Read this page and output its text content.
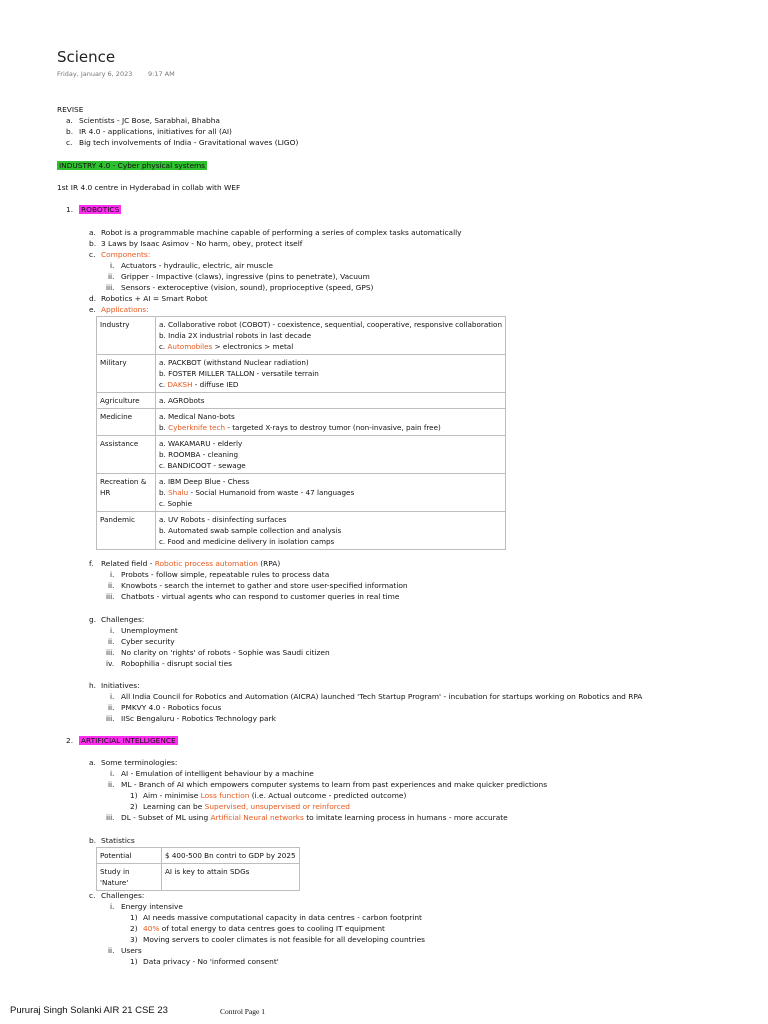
Science
Friday, January 6, 2023 9:17 AM
REVISE
a. Scientists - JC Bose, Sarabhai, Bhabha
b. IR 4.0 - applications, initiatives for all (AI)
c. Big tech involvements of India - Gravitational waves (LIGO)
INDUSTRY 4.0 - Cyber physical systems
1st IR 4.0 centre in Hyderabad in collab with WEF
1. ROBOTICS
a. Robot is a programmable machine capable of performing a series of complex tasks automatically
b. 3 Laws by Isaac Asimov - No harm, obey, protect itself
c. Components:
i. Actuators - hydraulic, electric, air muscle
ii. Gripper - Impactive (claws), ingressive (pins to penetrate), Vacuum
iii. Sensors - exteroceptive (vision, sound), proprioceptive (speed, GPS)
d. Robotics + AI = Smart Robot
e. Applications:
Industry	a. Collaborative robot (COBOT) - coexistence, sequential, cooperative, responsive collaboration
b. India 2X industrial robots in last decade
c. Automobiles > electronics > metal

Military	a. PACKBOT (withstand Nuclear radiation)
b. FOSTER MILLER TALLON - versatile terrain
c. DAKSH - diffuse IED

Agriculture	a. AGRObots

Medicine	a. Medical Nano-bots
b. Cyberknife tech - targeted X-rays to destroy tumor (non-invasive, pain free)

Assistance	a. WAKAMARU - elderly
b. ROOMBA - cleaning
c. BANDICOOT - sewage

Recreation & HR	a. IBM Deep Blue - Chess
b. Shalu - Social Humanoid from waste - 47 languages
c. Sophie

Pandemic	a. UV Robots - disinfecting surfaces
b. Automated swab sample collection and analysis
c. Food and medicine delivery in isolation camps
f. Related field - Robotic process automation (RPA)
i. Probots - follow simple, repeatable rules to process data
ii. Knowbots - search the internet to gather and store user-specified information
iii. Chatbots - virtual agents who can respond to customer queries in real time
g. Challenges:
i. Unemployment
ii. Cyber security
iii. No clarity on 'rights' of robots - Sophie was Saudi citizen
iv. Robophilia - disrupt social ties
h. Initiatives:
i. All India Council for Robotics and Automation (AICRA) launched 'Tech Startup Program' - incubation for startups working on Robotics and RPA
ii. PMKVY 4.0 - Robotics focus
iii. IISc Bengaluru - Robotics Technology park
2. ARTIFICIAL INTELLIGENCE
a. Some terminologies:
i. AI - Emulation of intelligent behaviour by a machine
ii. ML - Branch of AI which empowers computer systems to learn from past experiences and make quicker predictions
1) Aim - minimise Loss function (i.e. Actual outcome - predicted outcome)
2) Learning can be Supervised, unsupervised or reinforced
iii. DL - Subset of ML using Artificial Neural networks to imitate learning process in humans - more accurate
b. Statistics
Potential	$ 400-500 Bn contri to GDP by 2025
Study in 'Nature'	AI is key to attain SDGs
c. Challenges:
i. Energy intensive
1) AI needs massive computational capacity in data centres - carbon footprint
2) 40% of total energy to data centres goes to cooling IT equipment
3) Moving servers to cooler climates is not feasible for all developing countries
ii. Users
1) Data privacy - No 'informed consent'
Pururaj Singh Solanki AIR 21 CSE 23	Control Page 1
